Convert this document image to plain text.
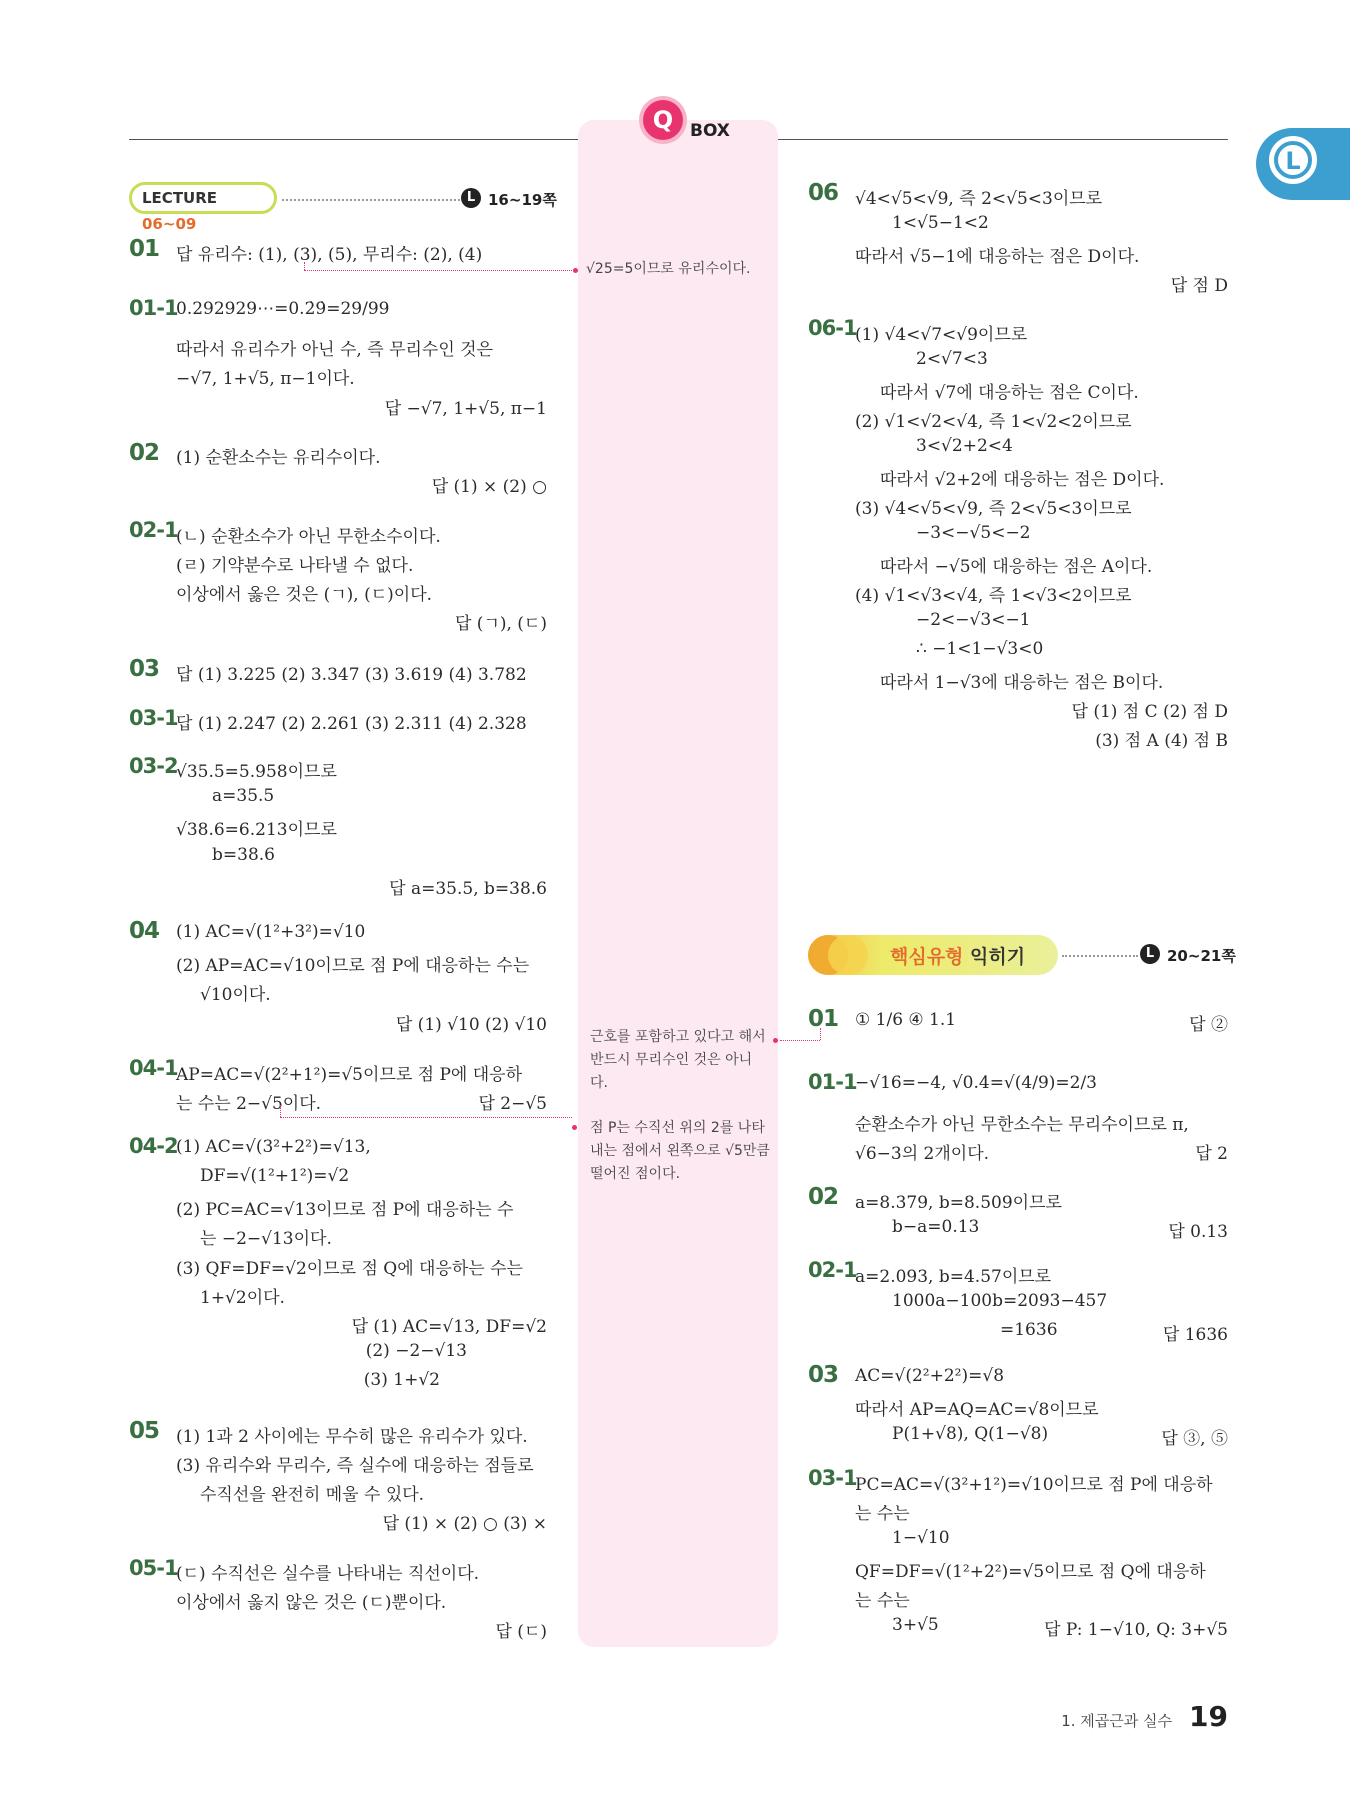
Q BOX
L
LECTURE 06~09
L 16~19쪽
01 답 유리수: (1), (3), (5), 무리수: (2), (4)
01-1
0.292929⋯=0.2̇9̇=29/99
따라서 유리수가 아닌 수, 즉 무리수인 것은
−√7, 1+√5, π−1이다.
답 −√7, 1+√5, π−1
02 (1) 순환소수는 유리수이다.
답 (1) × (2) ○
02-1
(ㄴ) 순환소수가 아닌 무한소수이다.
(ㄹ) 기약분수로 나타낼 수 없다.
이상에서 옳은 것은 (ㄱ), (ㄷ)이다.
답 (ㄱ), (ㄷ)
03 답 (1) 3.225 (2) 3.347 (3) 3.619 (4) 3.782
03-1
답 (1) 2.247 (2) 2.261 (3) 2.311 (4) 2.328
03-2
√35.5=5.958이므로
a=35.5
√38.6=6.213이므로
b=38.6
답 a=35.5, b=38.6
04 (1) AC=√(1²+3²)=√10
(2) AP=AC=√10이므로 점 P에 대응하는 수는
√10이다.
답 (1) √10 (2) √10
04-1
AP=AC=√(2²+1²)=√5이므로 점 P에 대응하
는 수는 2−√5이다.	답 2−√5
04-2
(1) AC=√(3²+2²)=√13,
DF=√(1²+1²)=√2
(2) PC=AC=√13이므로 점 P에 대응하는 수
는 −2−√13이다.
(3) QF=DF=√2이므로 점 Q에 대응하는 수는
1+√2이다.
답 (1) AC=√13, DF=√2
(2) −2−√13
(3) 1+√2
05 (1) 1과 2 사이에는 무수히 많은 유리수가 있다.
(3) 유리수와 무리수, 즉 실수에 대응하는 점들로
수직선을 완전히 메울 수 있다.
답 (1) × (2) ○ (3) ×
05-1
(ㄷ) 수직선은 실수를 나타내는 직선이다.
이상에서 옳지 않은 것은 (ㄷ)뿐이다.
답 (ㄷ)
√25=5이므로 유리수이다.
근호를 포함하고 있다고 해서 반드시 무리수인 것은 아니다.
점 P는 수직선 위의 2를 나타내는 점에서 왼쪽으로 √5만큼 떨어진 점이다.
06 √4<√5<√9, 즉 2<√5<3이므로
1<√5−1<2
따라서 √5−1에 대응하는 점은 D이다.
답 점 D
06-1
(1) √4<√7<√9이므로
2<√7<3
따라서 √7에 대응하는 점은 C이다.
(2) √1<√2<√4, 즉 1<√2<2이므로
3<√2+2<4
따라서 √2+2에 대응하는 점은 D이다.
(3) √4<√5<√9, 즉 2<√5<3이므로
−3<−√5<−2
따라서 −√5에 대응하는 점은 A이다.
(4) √1<√3<√4, 즉 1<√3<2이므로
−2<−√3<−1
∴ −1<1−√3<0
따라서 1−√3에 대응하는 점은 B이다.
답 (1) 점 C (2) 점 D
(3) 점 A (4) 점 B
핵심유형 익히기	L 20~21쪽
01 ① 1/6 ④ 1.1	답 ②
01-1
−√16=−4, √0.4̇=√(4/9)=2/3
순환소수가 아닌 무한소수는 무리수이므로 π,
√6−3의 2개이다.	답 2
02 a=8.379, b=8.509이므로
b−a=0.13	답 0.13
02-1
a=2.093, b=4.57이므로
1000a−100b=2093−457
=1636	답 1636
03 AC=√(2²+2²)=√8
따라서 AP=AQ=AC=√8이므로
P(1+√8), Q(1−√8)	답 ③, ⑤
03-1
PC=AC=√(3²+1²)=√10이므로 점 P에 대응하
는 수는
1−√10
QF=DF=√(1²+2²)=√5이므로 점 Q에 대응하
는 수는
3+√5	답 P: 1−√10, Q: 3+√5
1. 제곱근과 실수 19
